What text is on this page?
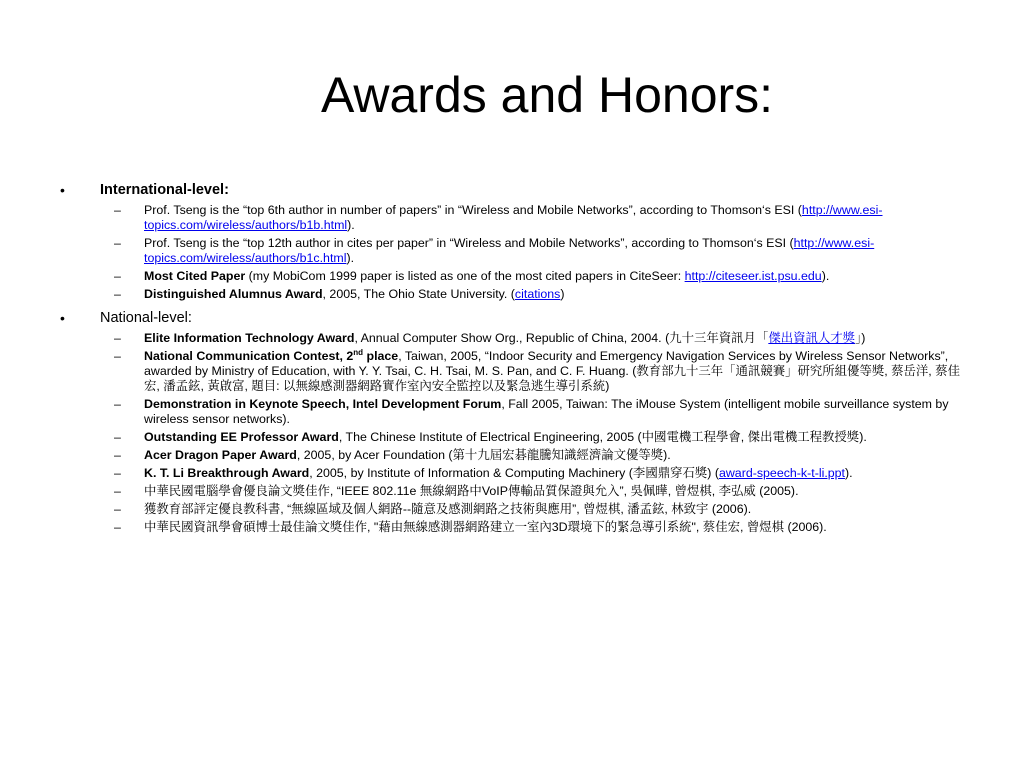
Awards and Honors:
•	International-level:
–	Prof. Tseng is the “top 6th author in number of papers” in “Wireless and Mobile Networks”, according to Thomson‘s ESI (http://www.esi-topics.com/wireless/authors/b1b.html).
–	Prof. Tseng is the “top 12th author in cites per paper” in “Wireless and Mobile Networks”, according to Thomson‘s ESI (http://www.esi-topics.com/wireless/authors/b1c.html).
–	Most Cited Paper (my MobiCom 1999 paper is listed as one of the most cited papers in CiteSeer: http://citeseer.ist.psu.edu).
–	Distinguished Alumnus Award, 2005, The Ohio State University. (citations)
•	National-level:
–	Elite Information Technology Award, Annual Computer Show Org., Republic of China, 2004. (九十三年資訊月「傑出資訊人才獎」)
–	National Communication Contest, 2nd place, Taiwan, 2005, “Indoor Security and Emergency Navigation Services by Wireless Sensor Networks”, awarded by Ministry of Education, with Y. Y. Tsai, C. H. Tsai, M. S. Pan, and C. F. Huang. (教育部九十三年「通訊競賽」研究所組優等獎, 蔡岳洋, 蔡佳宏, 潘孟鉉, 黃啟富, 題目: 以無線感測器網路實作室內安全監控以及緊急逃生導引系統)
–	Demonstration in Keynote Speech, Intel Development Forum, Fall 2005, Taiwan: The iMouse System (intelligent mobile surveillance system by wireless sensor networks).
–	Outstanding EE Professor Award, The Chinese Institute of Electrical Engineering, 2005 (中國電機工程學會, 傑出電機工程教授獎).
–	Acer Dragon Paper Award, 2005, by Acer Foundation (第十九屆宏碁龍騰知識經濟論文優等獎).
–	K. T. Li Breakthrough Award, 2005, by Institute of Information & Computing Machinery (李國鼎穿石獎) (award-speech-k-t-li.ppt).
–	中華民國電腦學會優良論文獎佳作, “IEEE 802.11e 無線網路中VoIP傳輸品質保證與允入”, 吳佩曄, 曾煜棋, 李弘威 (2005).
–	獲教育部評定優良教科書, “無線區域及個人網路--隨意及感測網路之技術與應用”, 曾煜棋, 潘孟鉉, 林致宇 (2006).
–	中華民國資訊學會碩博士最佳論文獎佳作, "藉由無線感測器網路建立一室內3D環境下的緊急導引系統", 蔡佳宏, 曾煜棋 (2006).
